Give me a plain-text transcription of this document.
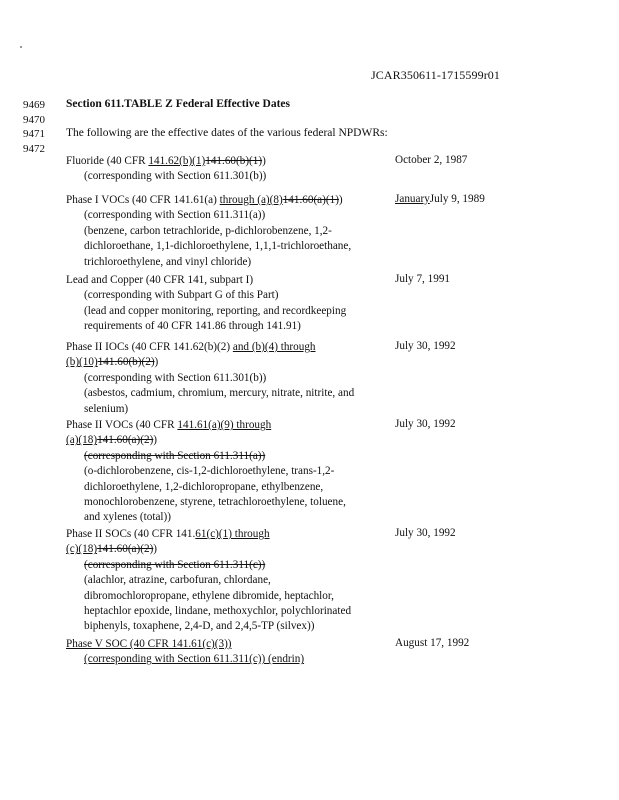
JCAR350611-1715599r01
9469
9470
9471
9472
Section 611.TABLE Z Federal Effective Dates
The following are the effective dates of the various federal NPDWRs:
Fluoride (40 CFR 141.62(b)(1)141.60(b)(1))
(corresponding with Section 611.301(b))
October 2, 1987
Phase I VOCs (40 CFR 141.61(a) through (a)(8)141.60(a)(1))
(corresponding with Section 611.311(a))
(benzene, carbon tetrachloride, p-dichlorobenzene, 1,2-
dichloroethane, 1,1-dichloroethylene, 1,1,1-trichloroethane,
trichloroethylene, and vinyl chloride)
JanuaryJuly 9, 1989
Lead and Copper (40 CFR 141, subpart I)
(corresponding with Subpart G of this Part)
(lead and copper monitoring, reporting, and recordkeeping
requirements of 40 CFR 141.86 through 141.91)
July 7, 1991
Phase II IOCs (40 CFR 141.62(b)(2) and (b)(4) through
(b)(10)141.60(b)(2))
(corresponding with Section 611.301(b))
(asbestos, cadmium, chromium, mercury, nitrate, nitrite, and
selenium)
July 30, 1992
Phase II VOCs (40 CFR 141.61(a)(9) through
(a)(18)141.60(a)(2))
(corresponding with Section 611.311(a))
(o-dichlorobenzene, cis-1,2-dichloroethylene, trans-1,2-
dichloroethylene, 1,2-dichloropropane, ethylbenzene,
monochlorobenzene, styrene, tetrachloroethylene, toluene,
and xylenes (total))
July 30, 1992
Phase II SOCs (40 CFR 141.61(c)(1) through
(c)(18)141.60(a)(2))
(corresponding with Section 611.311(c))
(alachlor, atrazine, carbofuran, chlordane,
dibromochloropropane, ethylene dibromide, heptachlor,
heptachlor epoxide, lindane, methoxychlor, polychlorinated
biphenyls, toxaphene, 2,4-D, and 2,4,5-TP (silvex))
July 30, 1992
Phase V SOC (40 CFR 141.61(c)(3))
(corresponding with Section 611.311(c)) (endrin)
August 17, 1992
